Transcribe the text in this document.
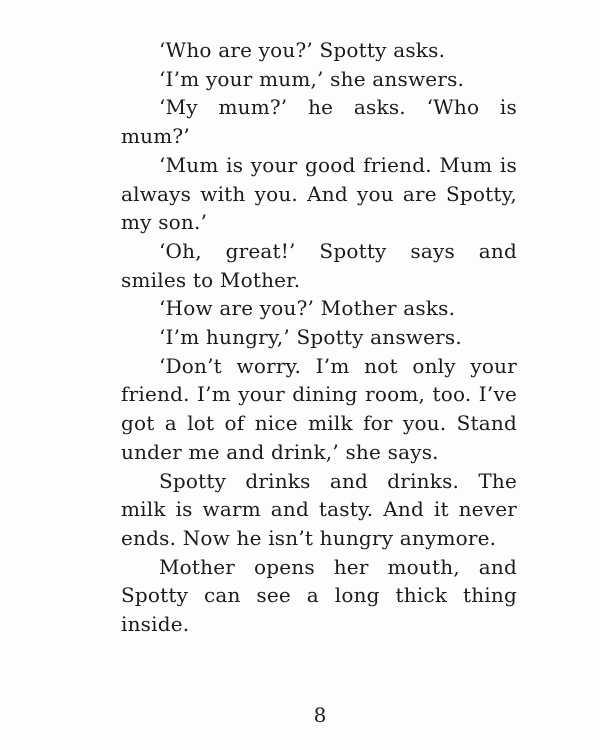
‘Who are you?’ Spotty asks.

‘I’m your mum,’ she answers.

‘My mum?’ he asks. ‘Who is mum?’

‘Mum is your good friend. Mum is always with you. And you are Spotty, my son.’

‘Oh, great!’ Spotty says and smiles to Mother.

‘How are you?’ Mother asks.

‘I’m hungry,’ Spotty answers.

‘Don’t worry. I’m not only your friend. I’m your dining room, too. I’ve got a lot of nice milk for you. Stand under me and drink,’ she says.

Spotty drinks and drinks. The milk is warm and tasty. And it never ends. Now he isn’t hungry anymore.

Mother opens her mouth, and Spotty can see a long thick thing inside.

8
